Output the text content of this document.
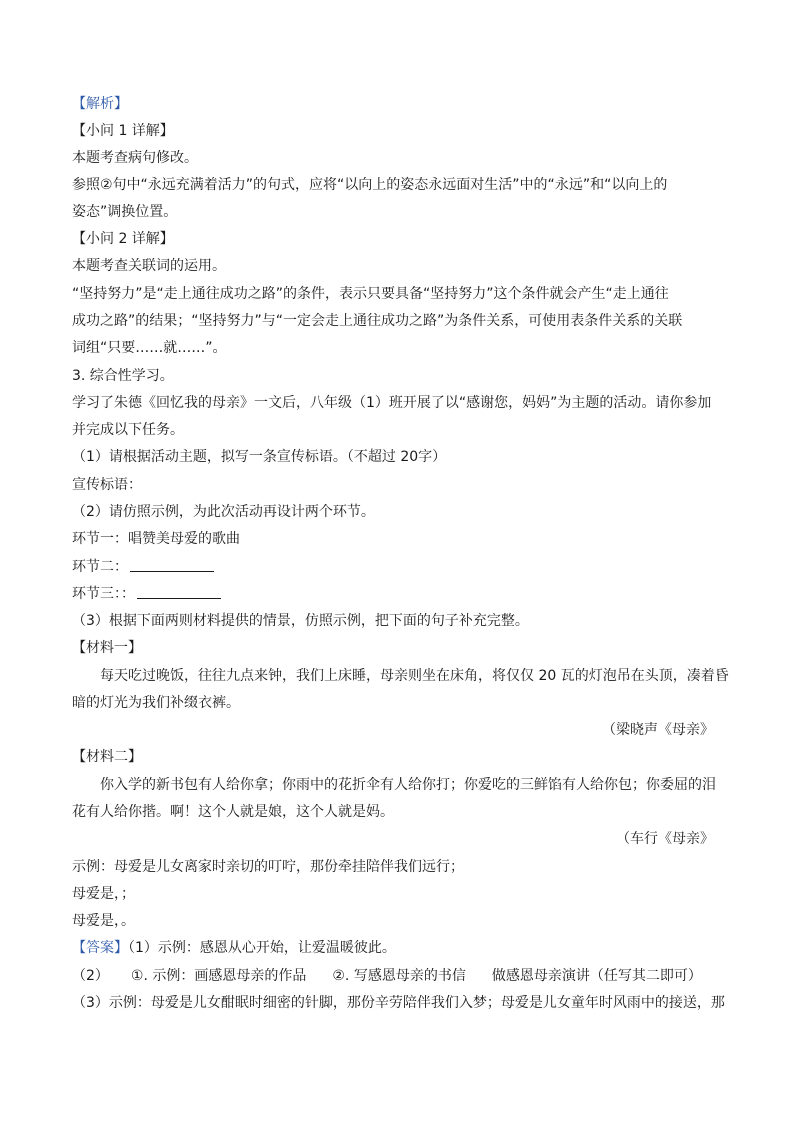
【解析】
【小问 1 详解】
本题考查病句修改。
参照②句中“永远充满着活力”的句式，应将“以向上的姿态永远面对生活”中的“永远”和“以向上的
姿态”调换位置。
【小问 2 详解】
本题考查关联词的运用。
“坚持努力”是“走上通往成功之路”的条件，表示只要具备“坚持努力”这个条件就会产生“走上通往
成功之路”的结果；“坚持努力”与“一定会走上通往成功之路”为条件关系，可使用表条件关系的关联
词组“只要……就……”。
3. 综合性学习。
学习了朱德《回忆我的母亲》一文后，八年级（1）班开展了以“感谢您，妈妈”为主题的活动。请你参加
并完成以下任务。
（1）请根据活动主题，拟写一条宣传标语。（不超过 20字）
宣传标语：
（2）请仿照示例，为此次活动再设计两个环节。
环节一：唱赞美母爱的歌曲
环节二：
环节三：：
（3）根据下面两则材料提供的情景，仿照示例，把下面的句子补充完整。
【材料一】
每天吃过晚饭，往往九点来钟，我们上床睡，母亲则坐在床角，将仅仅 20 瓦的灯泡吊在头顶，凑着昏
暗的灯光为我们补缀衣裤。
（梁晓声《母亲》
【材料二】
你入学的新书包有人给你拿；你雨中的花折伞有人给你打；你爱吃的三鲜馅有人给你包；你委屈的泪
花有人给你揩。啊！这个人就是娘，这个人就是妈。
（车行《母亲》
示例：母爱是儿女离家时亲切的叮咛，那份牵挂陪伴我们远行；
母爱是，；
母爱是，。
【答案】（1）示例：感恩从心开始，让爱温暖彼此。
（2） ①. 示例：画感恩母亲的作品 ②. 写感恩母亲的书信 做感恩母亲演讲（任写其二即可）
（3）示例：母爱是儿女酣眠时细密的针脚，那份辛劳陪伴我们入梦；母爱是儿女童年时风雨中的接送，那
